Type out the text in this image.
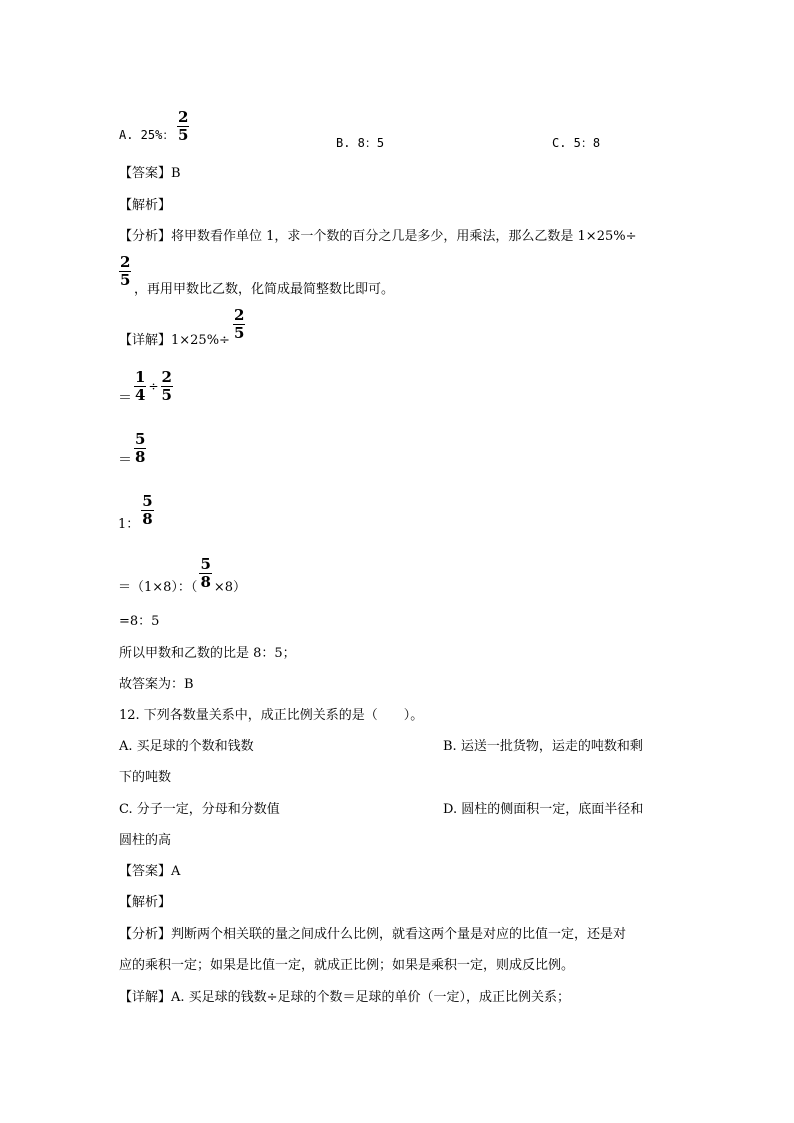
A. 25%： $\frac{2}{5}$	B. 8：5	C. 5：8
【答案】B
【解析】
【分析】将甲数看作单位 1，求一个数的百分之几是多少，用乘法，那么乙数是 1×25%÷
$\frac{2}{5}$
，再用甲数比乙数，化简成最简整数比即可。
【详解】$1\times 25\%\div \frac{2}{5}$
＝ $\frac{1}{4} \div \frac{2}{5}$
＝ $\frac{5}{8}$
1： $\frac{5}{8}$
＝（1×8）：（ $\frac{5}{8} \times 8$）
=8：5
所以甲数和乙数的比是 8：5；
故答案为：B
12. 下列各数量关系中，成正比例关系的是（　　）。
A. 买足球的个数和钱数	B. 运送一批货物，运走的吨数和剩
下的吨数
C. 分子一定，分母和分数值	D. 圆柱的侧面积一定，底面半径和
圆柱的高
【答案】A
【解析】
【分析】判断两个相关联的量之间成什么比例，就看这两个量是对应的比值一定，还是对
应的乘积一定；如果是比值一定，就成正比例；如果是乘积一定，则成反比例。
【详解】A. 买足球的钱数÷足球的个数＝足球的单价（一定），成正比例关系；
